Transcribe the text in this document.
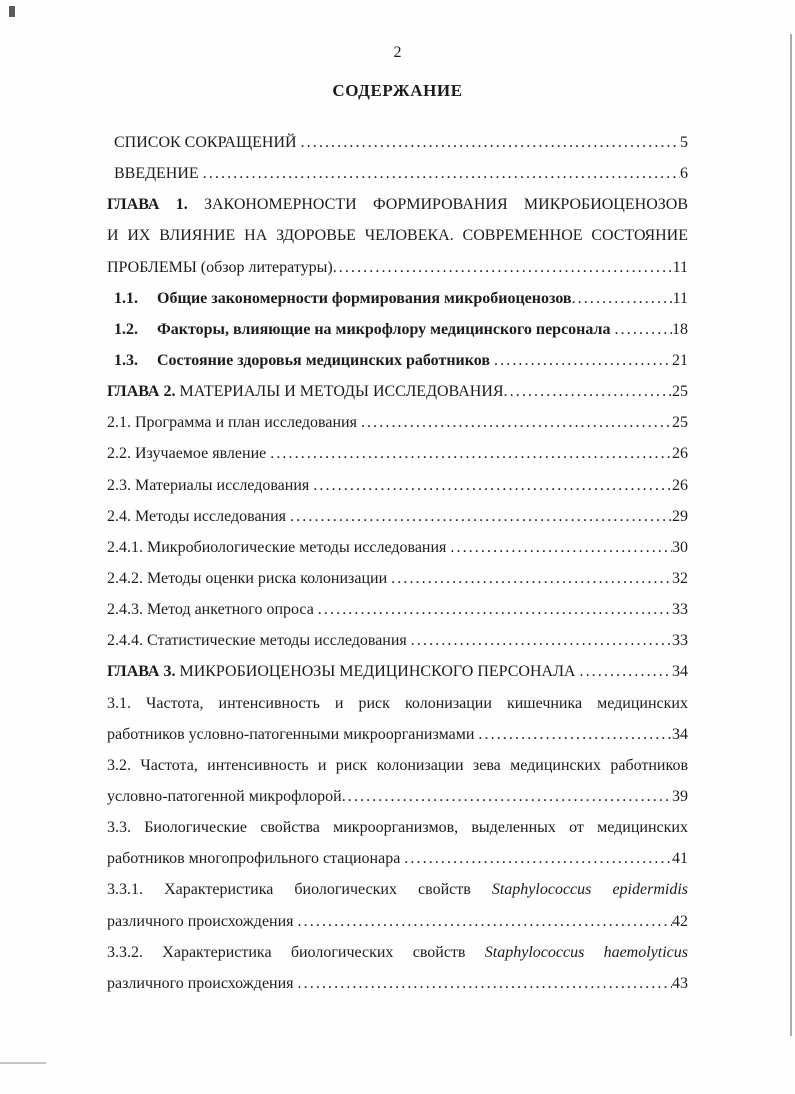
2
СОДЕРЖАНИЕ
СПИСОК СОКРАЩЕНИЙ .....	5
ВВЕДЕНИЕ .....	6
ГЛАВА 1. ЗАКОНОМЕРНОСТИ ФОРМИРОВАНИЯ МИКРОБИОЦЕНОЗОВ
И ИХ ВЛИЯНИЕ НА ЗДОРОВЬЕ ЧЕЛОВЕКА. СОВРЕМЕННОЕ СОСТОЯНИЕ
ПРОБЛЕМЫ (обзор литературы) .....	11
1.1.	Общие закономерности формирования микробиоценозов .....	11
1.2.	Факторы, влияющие на микрофлору медицинского персонала .....	18
1.3.	Состояние здоровья медицинских работников .....	21
ГЛАВА 2. МАТЕРИАЛЫ И МЕТОДЫ ИССЛЕДОВАНИЯ .....	25
2.1. Программа и план исследования .....	25
2.2. Изучаемое явление .....	26
2.3. Материалы исследования .....	26
2.4. Методы исследования .....	29
2.4.1. Микробиологические методы исследования .....	30
2.4.2. Методы оценки риска колонизации .....	32
2.4.3. Метод анкетного опроса .....	33
2.4.4. Статистические методы исследования .....	33
ГЛАВА 3. МИКРОБИОЦЕНОЗЫ МЕДИЦИНСКОГО ПЕРСОНАЛА .....	34
3.1. Частота, интенсивность и риск колонизации кишечника медицинских
работников условно-патогенными микроорганизмами .....	34
3.2. Частота, интенсивность и риск колонизации зева медицинских работников
условно-патогенной микрофлорой .....	39
3.3. Биологические свойства микроорганизмов, выделенных от медицинских
работников многопрофильного стационара .....	41
3.3.1. Характеристика биологических свойств Staphylococcus epidermidis
различного происхождения .....	42
3.3.2. Характеристика биологических свойств Staphylococcus haemolyticus
различного происхождения .....	43
